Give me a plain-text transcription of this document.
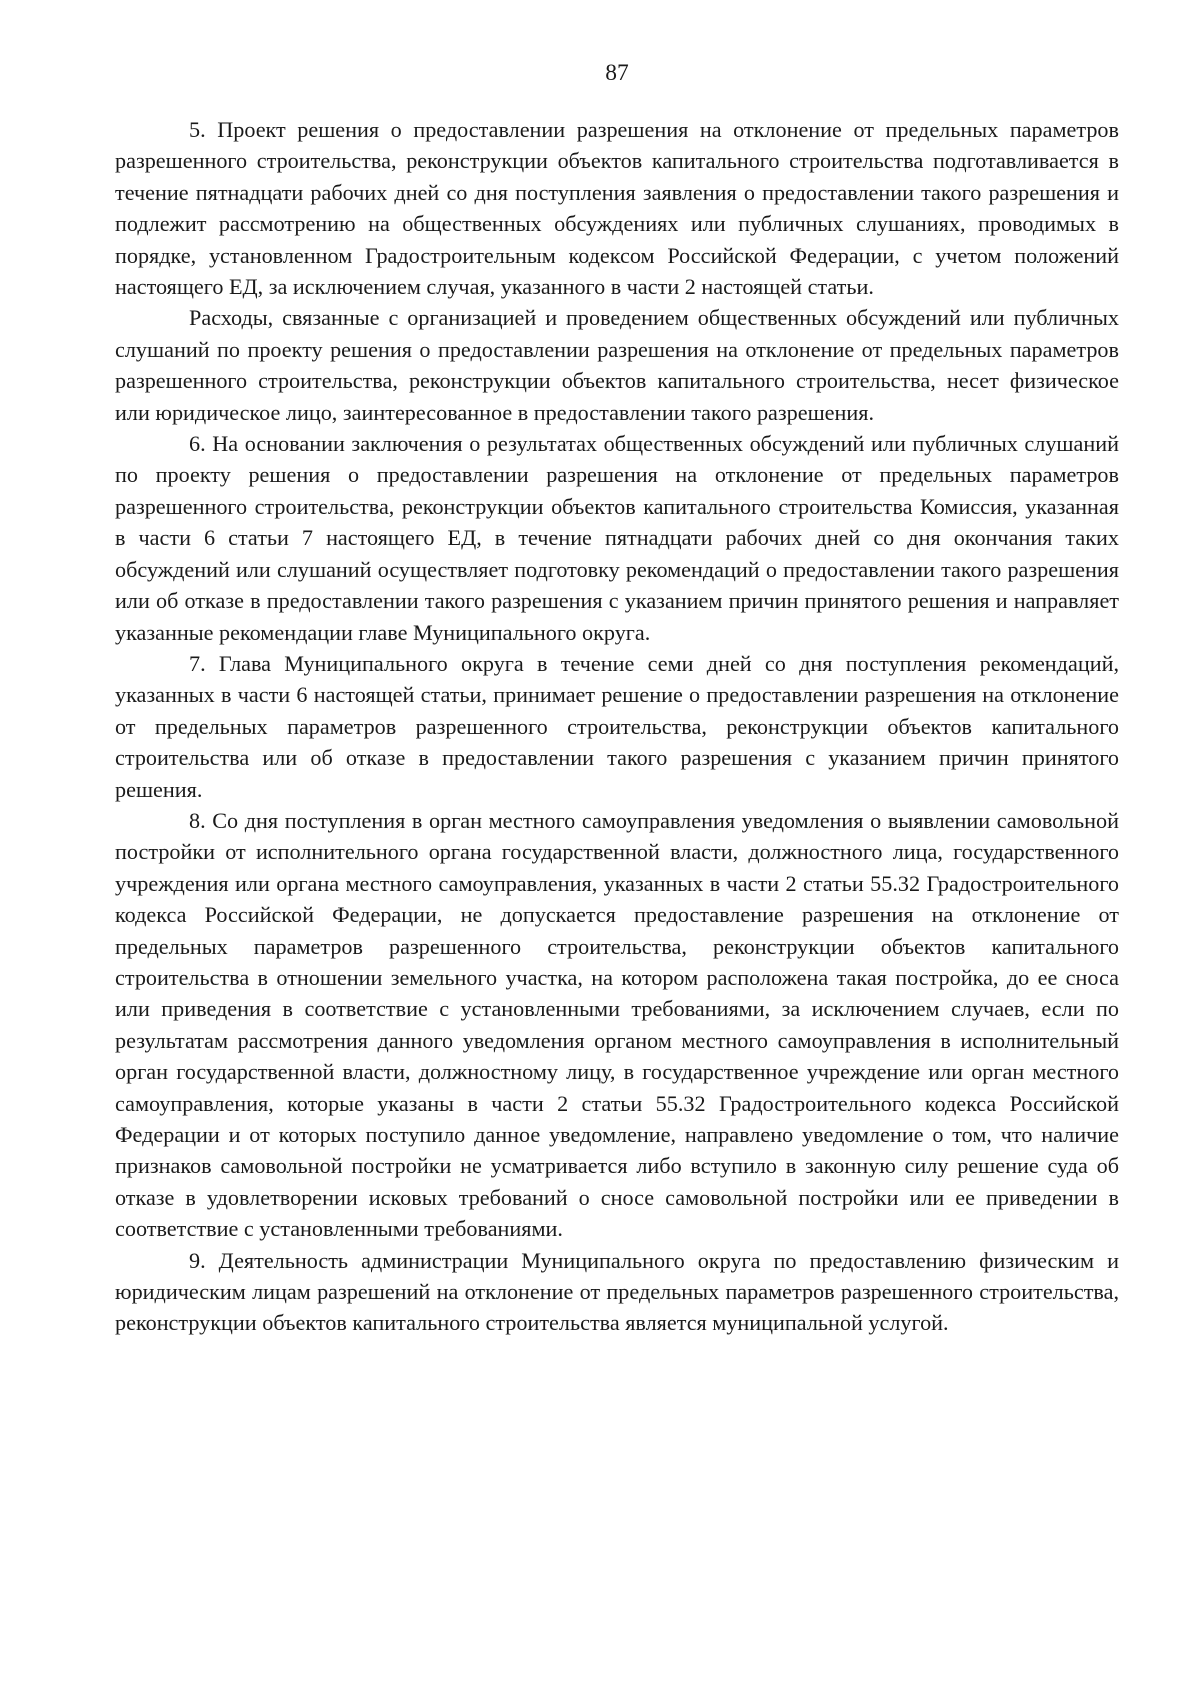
87

5. Проект решения о предоставлении разрешения на отклонение от предельных параметров разрешенного строительства, реконструкции объектов капитального строительства подготавливается в течение пятнадцати рабочих дней со дня поступления заявления о предоставлении такого разрешения и подлежит рассмотрению на общественных обсуждениях или публичных слушаниях, проводимых в порядке, установленном Градостроительным кодексом Российской Федерации, с учетом положений настоящего ЕД, за исключением случая, указанного в части 2 настоящей статьи.

Расходы, связанные с организацией и проведением общественных обсуждений или публичных слушаний по проекту решения о предоставлении разрешения на отклонение от предельных параметров разрешенного строительства, реконструкции объектов капитального строительства, несет физическое или юридическое лицо, заинтересованное в предоставлении такого разрешения.

6. На основании заключения о результатах общественных обсуждений или публичных слушаний по проекту решения о предоставлении разрешения на отклонение от предельных параметров разрешенного строительства, реконструкции объектов капитального строительства Комиссия, указанная в части 6 статьи 7 настоящего ЕД, в течение пятнадцати рабочих дней со дня окончания таких обсуждений или слушаний осуществляет подготовку рекомендаций о предоставлении такого разрешения или об отказе в предоставлении такого разрешения с указанием причин принятого решения и направляет указанные рекомендации главе Муниципального округа.

7. Глава Муниципального округа в течение семи дней со дня поступления рекомендаций, указанных в части 6 настоящей статьи, принимает решение о предоставлении разрешения на отклонение от предельных параметров разрешенного строительства, реконструкции объектов капитального строительства или об отказе в предоставлении такого разрешения с указанием причин принятого решения.

8. Со дня поступления в орган местного самоуправления уведомления о выявлении самовольной постройки от исполнительного органа государственной власти, должностного лица, государственного учреждения или органа местного самоуправления, указанных в части 2 статьи 55.32 Градостроительного кодекса Российской Федерации, не допускается предоставление разрешения на отклонение от предельных параметров разрешенного строительства, реконструкции объектов капитального строительства в отношении земельного участка, на котором расположена такая постройка, до ее сноса или приведения в соответствие с установленными требованиями, за исключением случаев, если по результатам рассмотрения данного уведомления органом местного самоуправления в исполнительный орган государственной власти, должностному лицу, в государственное учреждение или орган местного самоуправления, которые указаны в части 2 статьи 55.32 Градостроительного кодекса Российской Федерации и от которых поступило данное уведомление, направлено уведомление о том, что наличие признаков самовольной постройки не усматривается либо вступило в законную силу решение суда об отказе в удовлетворении исковых требований о сносе самовольной постройки или ее приведении в соответствие с установленными требованиями.

9. Деятельность администрации Муниципального округа по предоставлению физическим и юридическим лицам разрешений на отклонение от предельных параметров разрешенного строительства, реконструкции объектов капитального строительства является муниципальной услугой.
